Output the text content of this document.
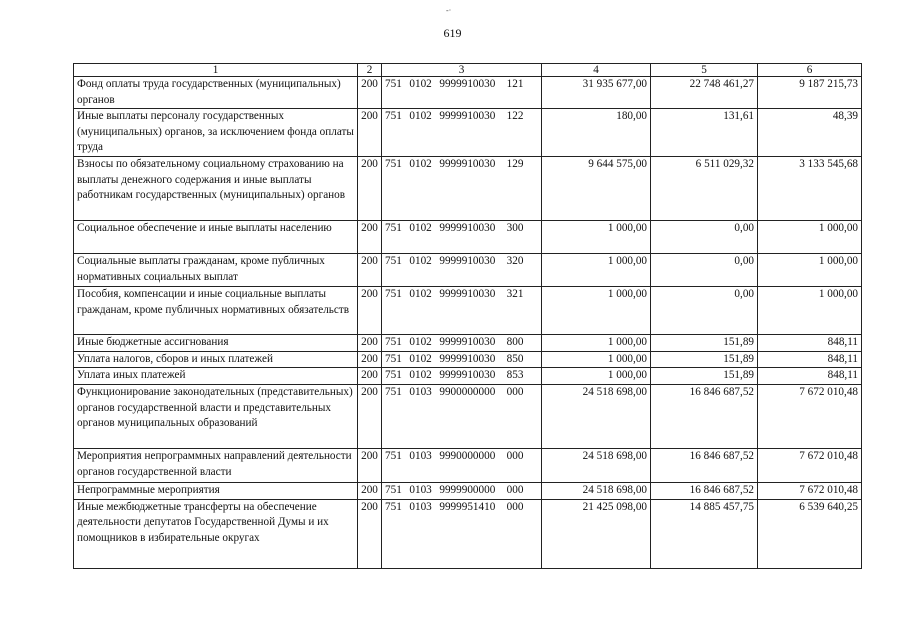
-·
619
1	2	3	4	5	6
Фонд оплаты труда государственных (муниципальных) органов	200	751  0102  9999910030   121	31 935 677,00	22 748 461,27	9 187 215,73
Иные выплаты персоналу государственных (муниципальных) органов, за исключением фонда оплаты труда	200	751  0102  9999910030   122	180,00	131,61	48,39
Взносы по обязательному социальному страхованию на выплаты денежного содержания и иные выплаты работникам государственных (муниципальных) органов	200	751  0102  9999910030   129	9 644 575,00	6 511 029,32	3 133 545,68
Социальное обеспечение и иные выплаты населению	200	751  0102  9999910030   300	1 000,00	0,00	1 000,00
Социальные выплаты гражданам, кроме публичных нормативных социальных выплат	200	751  0102  9999910030   320	1 000,00	0,00	1 000,00
Пособия, компенсации и иные социальные выплаты гражданам, кроме публичных нормативных обязательств	200	751  0102  9999910030   321	1 000,00	0,00	1 000,00
Иные бюджетные ассигнования	200	751  0102  9999910030   800	1 000,00	151,89	848,11
Уплата налогов, сборов и иных платежей	200	751  0102  9999910030   850	1 000,00	151,89	848,11
Уплата иных платежей	200	751  0102  9999910030   853	1 000,00	151,89	848,11
Функционирование законодательных (представительных) органов государственной власти и представительных органов муниципальных образований	200	751  0103  9900000000   000	24 518 698,00	16 846 687,52	7 672 010,48
Мероприятия непрограммных направлений деятельности органов государственной власти	200	751  0103  9990000000   000	24 518 698,00	16 846 687,52	7 672 010,48
Непрограммные мероприятия	200	751  0103  9999900000   000	24 518 698,00	16 846 687,52	7 672 010,48
Иные межбюджетные трансферты на обеспечение деятельности депутатов Государственной Думы и их помощников в избирательные округах	200	751  0103  9999951410   000	21 425 098,00	14 885 457,75	6 539 640,25
